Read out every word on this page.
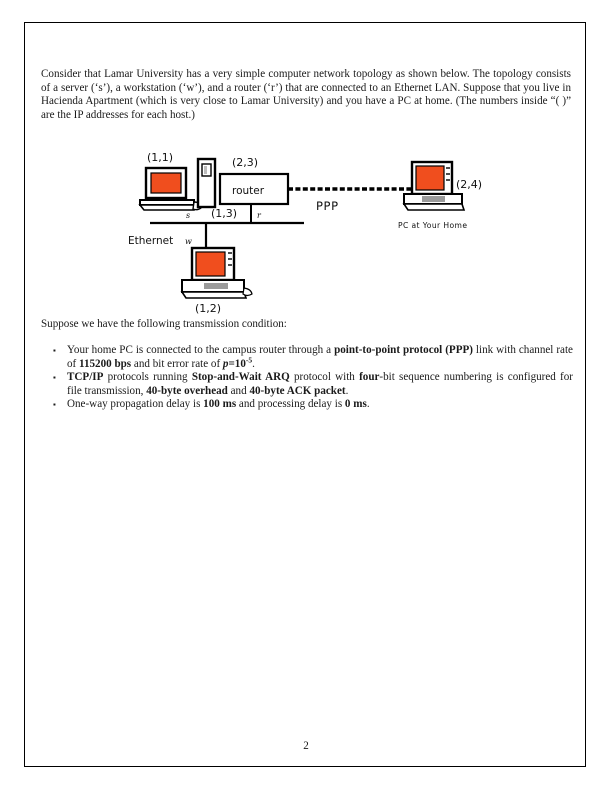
Consider that Lamar University has a very simple computer network topology as shown below. The topology consists of a server (‘s’), a workstation (‘w’), and a router (‘r’) that are connected to an Ethernet LAN. Suppose that you live in Hacienda Apartment (which is very close to Lamar University) and you have a PC at home. (The numbers inside “( )” are the IP addresses for each host.)
(1,1)
s
router
(2,3)
(1,3) r
Ethernet w
(1,2)
PPP
(2,4)
PC at Your Home
Suppose we have the following transmission condition:
▪	Your home PC is connected to the campus router through a point-to-point protocol (PPP) link with channel rate of 115200 bps and bit error rate of $p=10^{-5}$.
▪	TCP/IP protocols running Stop-and-Wait ARQ protocol with four-bit sequence numbering is configured for file transmission, 40-byte overhead and 40-byte ACK packet.
▪	One-way propagation delay is 100 ms and processing delay is 0 ms.
2
